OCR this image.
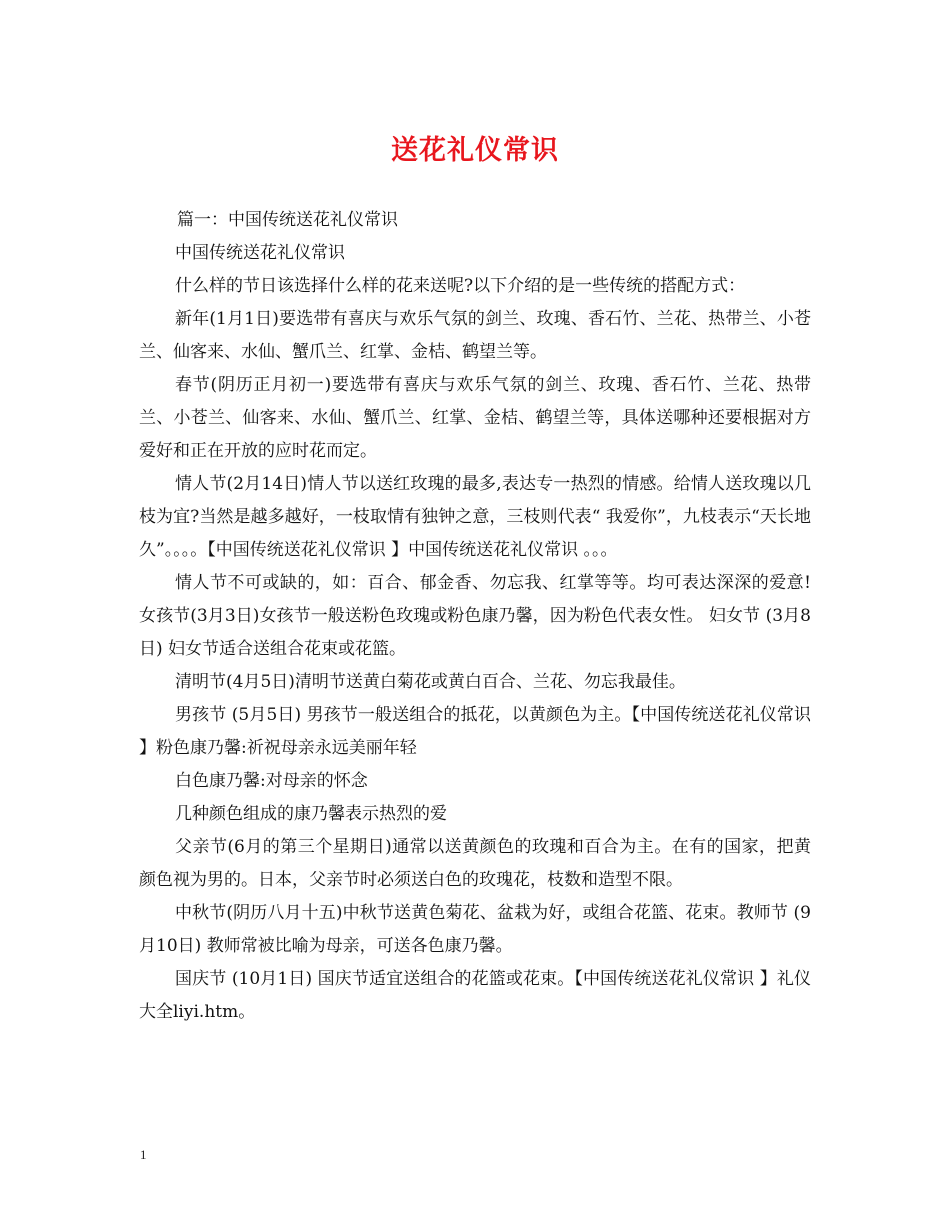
送花礼仪常识

篇一：中国传统送花礼仪常识

中国传统送花礼仪常识

什么样的节日该选择什么样的花来送呢?以下介绍的是一些传统的搭配方式：

新年(1月1日)要选带有喜庆与欢乐气氛的剑兰、玫瑰、香石竹、兰花、热带兰、小苍兰、仙客来、水仙、蟹爪兰、红掌、金桔、鹤望兰等。

春节(阴历正月初一)要选带有喜庆与欢乐气氛的剑兰、玫瑰、香石竹、兰花、热带兰、小苍兰、仙客来、水仙、蟹爪兰、红掌、金桔、鹤望兰等，具体送哪种还要根据对方爱好和正在开放的应时花而定。

情人节(2月14日)情人节以送红玫瑰的最多,表达专一热烈的情感。给情人送玫瑰以几枝为宜?当然是越多越好，一枝取情有独钟之意，三枝则代表“ 我爱你”，九枝表示“天长地久”。。。。【中国传统送花礼仪常识 】中国传统送花礼仪常识 。。。

情人节不可或缺的，如：百合、郁金香、勿忘我、红掌等等。均可表达深深的爱意! 女孩节(3月3日)女孩节一般送粉色玫瑰或粉色康乃馨，因为粉色代表女性。 妇女节 (3月8日) 妇女节适合送组合花束或花篮。

清明节(4月5日)清明节送黄白菊花或黄白百合、兰花、勿忘我最佳。

男孩节 (5月5日) 男孩节一般送组合的抵花，以黄颜色为主。【中国传统送花礼仪常识 】粉色康乃馨:祈祝母亲永远美丽年轻

白色康乃馨:对母亲的怀念

几种颜色组成的康乃馨表示热烈的爱

父亲节(6月的第三个星期日)通常以送黄颜色的玫瑰和百合为主。在有的国家，把黄颜色视为男的。日本，父亲节时必须送白色的玫瑰花，枝数和造型不限。

中秋节(阴历八月十五)中秋节送黄色菊花、盆栽为好，或组合花篮、花束。教师节 (9月10日) 教师常被比喻为母亲，可送各色康乃馨。

国庆节 (10月1日) 国庆节适宜送组合的花篮或花束。【中国传统送花礼仪常识 】礼仪大全liyi.htm。

1
